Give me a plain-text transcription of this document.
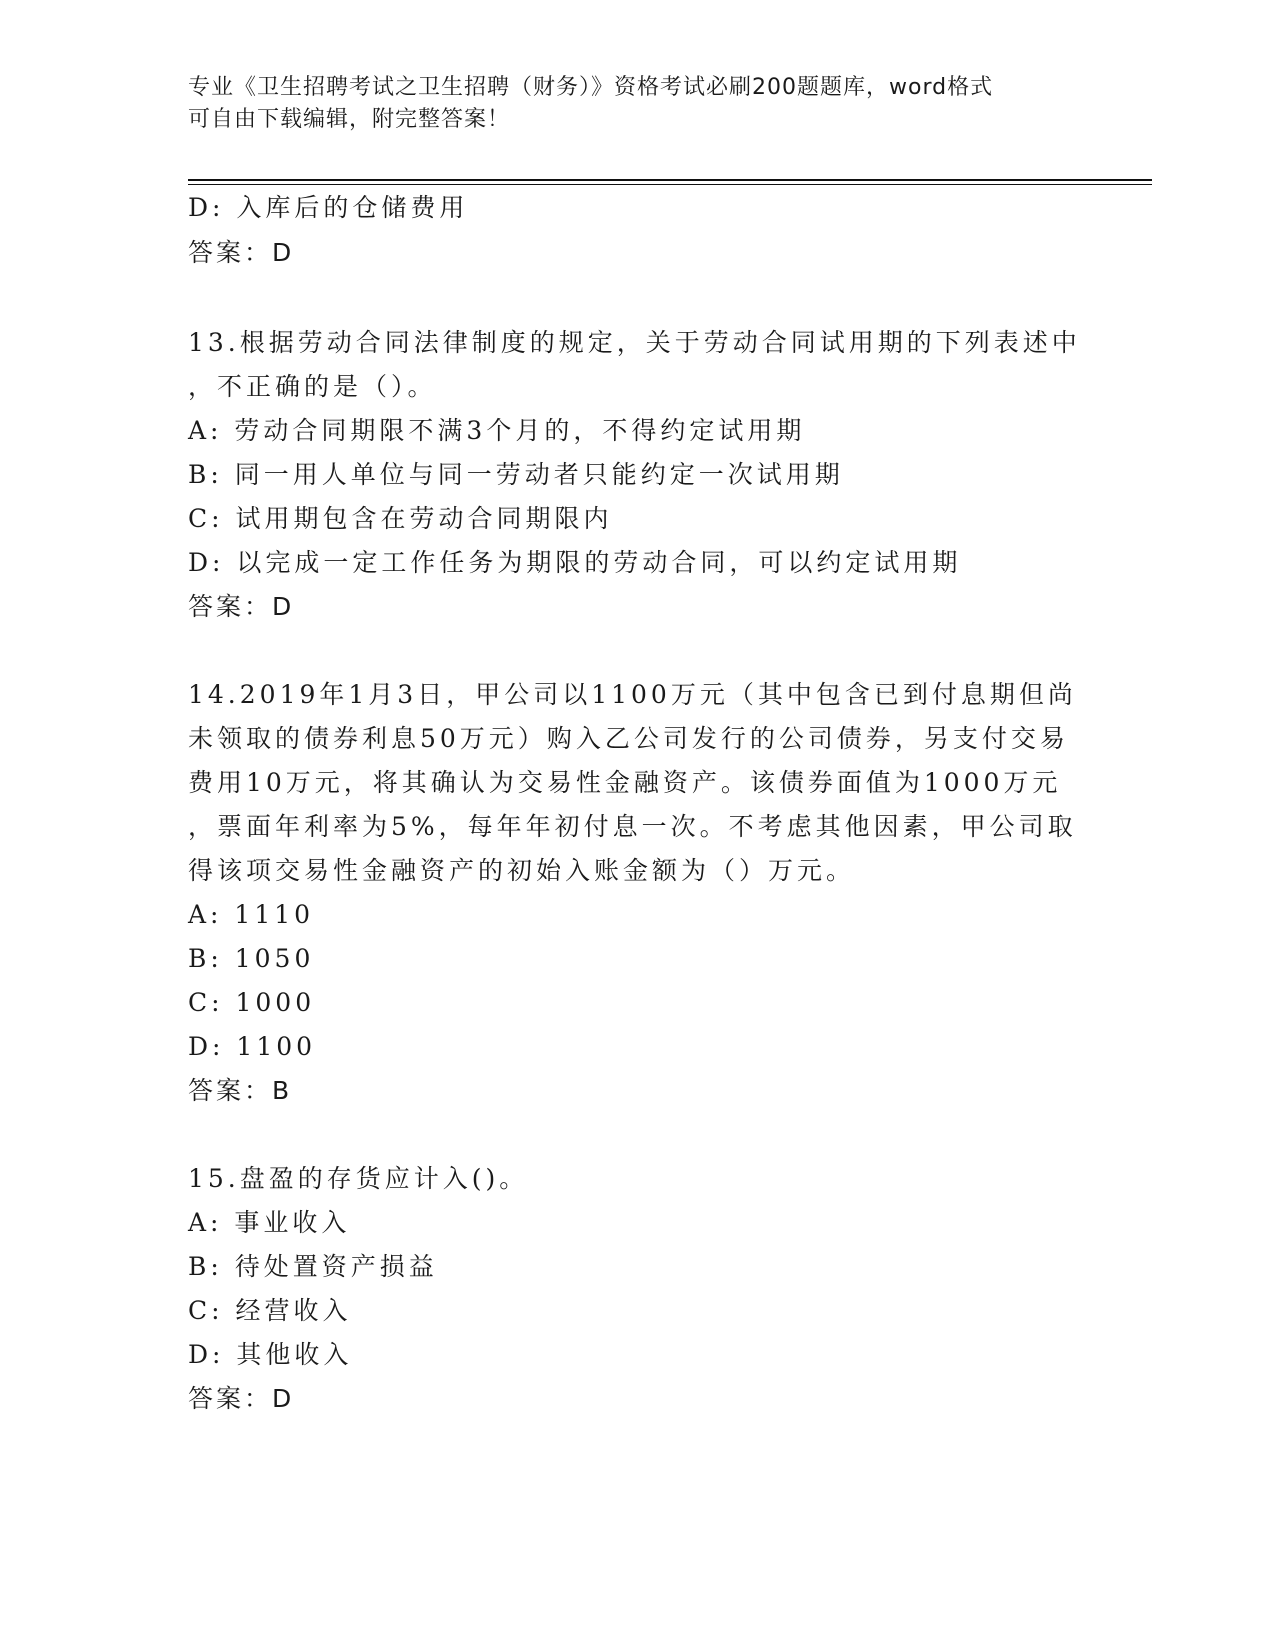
专业《卫生招聘考试之卫生招聘（财务）》资格考试必刷200题题库，word格式
可自由下载编辑，附完整答案！
D: 入库后的仓储费用
答案：D
13.根据劳动合同法律制度的规定，关于劳动合同试用期的下列表述中
，不正确的是（）。
A: 劳动合同期限不满3个月的，不得约定试用期
B: 同一用人单位与同一劳动者只能约定一次试用期
C: 试用期包含在劳动合同期限内
D: 以完成一定工作任务为期限的劳动合同，可以约定试用期
答案：D
14.2019年1月3日，甲公司以1100万元（其中包含已到付息期但尚
未领取的债券利息50万元）购入乙公司发行的公司债券，另支付交易
费用10万元，将其确认为交易性金融资产。该债券面值为1000万元
，票面年利率为5%，每年年初付息一次。不考虑其他因素，甲公司取
得该项交易性金融资产的初始入账金额为（）万元。
A: 1110
B: 1050
C: 1000
D: 1100
答案：B
15.盘盈的存货应计入()。
A: 事业收入
B: 待处置资产损益
C: 经营收入
D: 其他收入
答案：D
